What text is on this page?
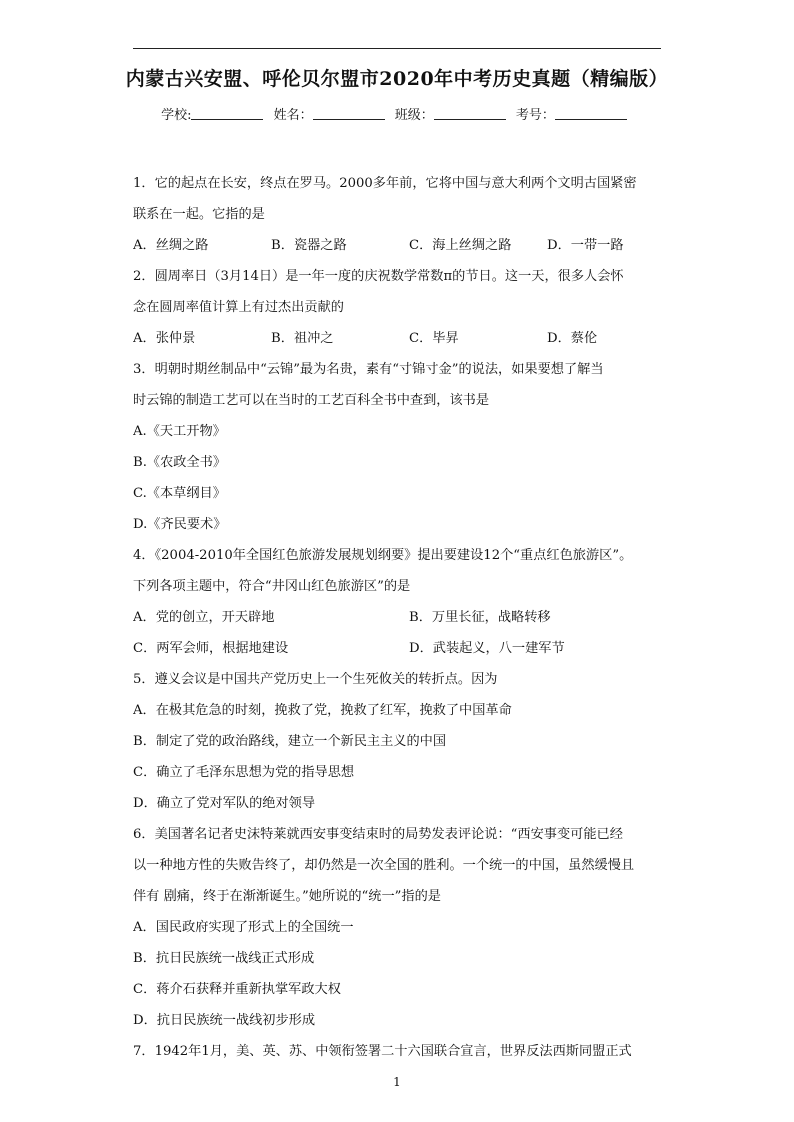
内蒙古兴安盟、呼伦贝尔盟市2020年中考历史真题（精编版）
学校:	姓名：	班级：	考号：
1．它的起点在长安，终点在罗马。2000多年前，它将中国与意大利两个文明古国紧密
联系在一起。它指的是
A．丝绸之路	B．瓷器之路	C．海上丝绸之路	D．一带一路
2．圆周率日（3月14日）是一年一度的庆祝数学常数π的节日。这一天，很多人会怀
念在圆周率值计算上有过杰出贡献的
A．张仲景	B．祖冲之	C．毕昇	D．蔡伦
3．明朝时期丝制品中“云锦”最为名贵，素有“寸锦寸金”的说法，如果要想了解当
时云锦的制造工艺可以在当时的工艺百科全书中查到，该书是
A.《天工开物》
B.《农政全书》
C.《本草纲目》
D.《齐民要术》
4．《2004-2010年全国红色旅游发展规划纲要》提出要建设12个“重点红色旅游区”。
下列各项主题中，符合“井冈山红色旅游区”的是
A．党的创立，开天辟地	B．万里长征，战略转移
C．两军会师，根据地建设	D．武装起义，八一建军节
5．遵义会议是中国共产党历史上一个生死攸关的转折点。因为
A．在极其危急的时刻，挽救了党，挽救了红军，挽救了中国革命
B．制定了党的政治路线，建立一个新民主主义的中国
C．确立了毛泽东思想为党的指导思想
D．确立了党对军队的绝对领导
6．美国著名记者史沫特莱就西安事变结束时的局势发表评论说：“西安事变可能已经
以一种地方性的失败告终了，却仍然是一次全国的胜利。一个统一的中国，虽然缓慢且
伴有 剧痛，终于在渐渐诞生。”她所说的“统一”指的是
A．国民政府实现了形式上的全国统一
B．抗日民族统一战线正式形成
C．蒋介石获释并重新执掌军政大权
D．抗日民族统一战线初步形成
7．1942年1月，美、英、苏、中领衔签署二十六国联合宣言，世界反法西斯同盟正式
1
